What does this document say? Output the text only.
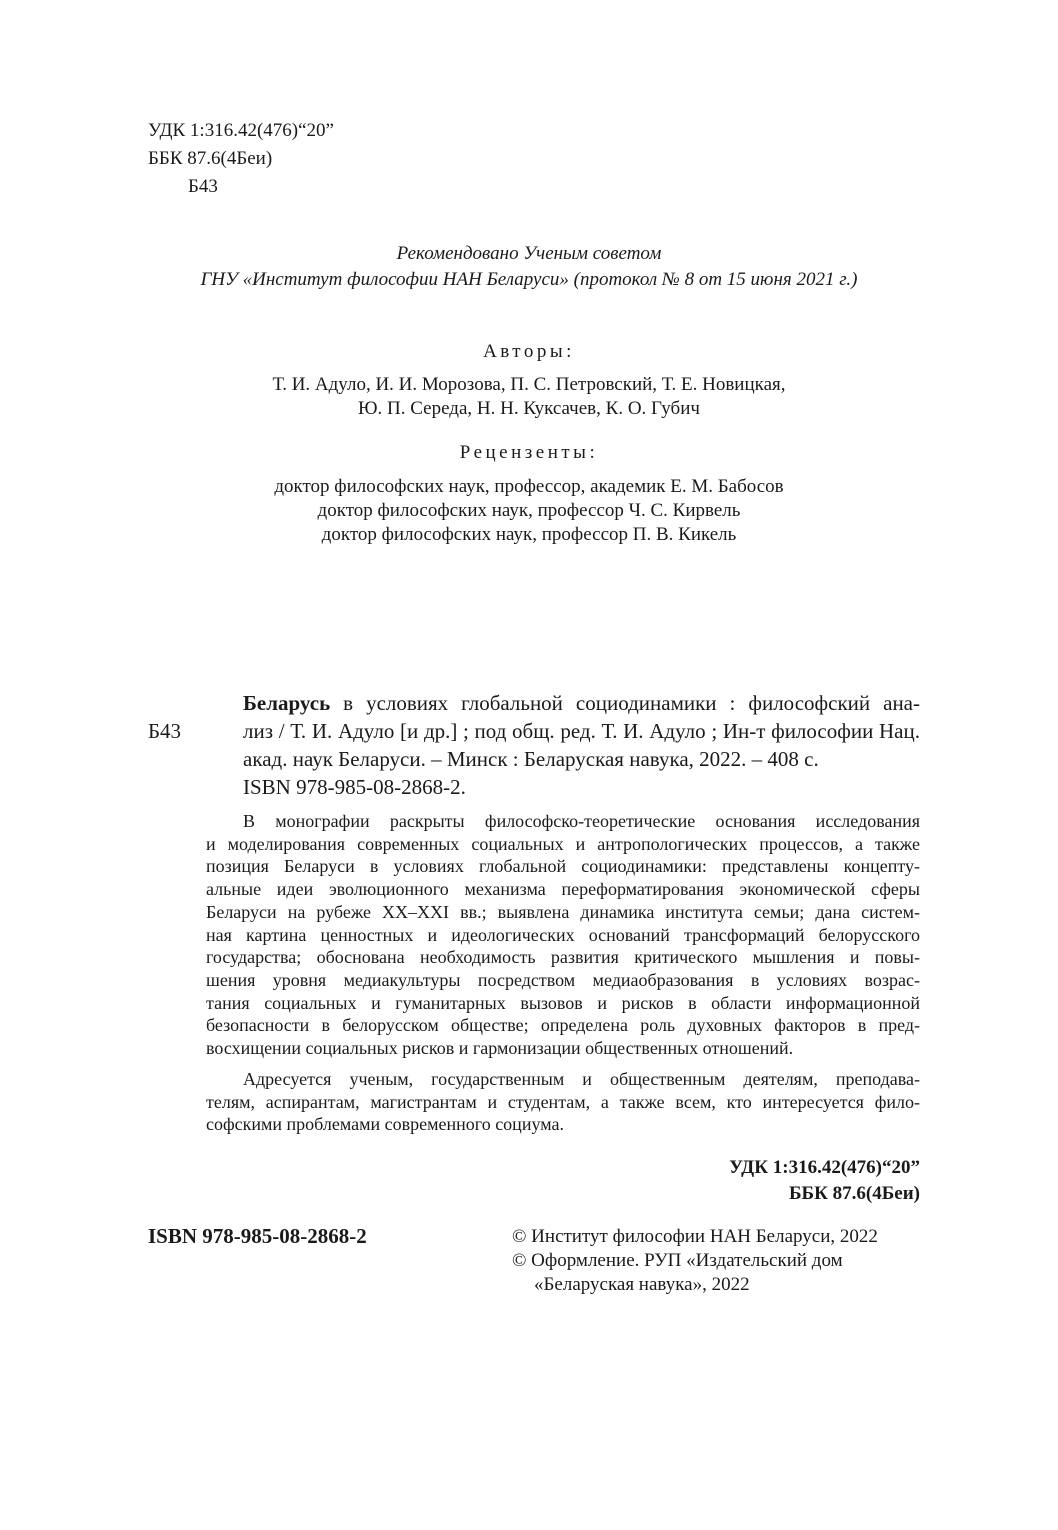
УДК 1:316.42(476)“20”
ББК 87.6(4Беи)
Б43
Рекомендовано Ученым советом
ГНУ «Институт философии НАН Беларуси» (протокол № 8 от 15 июня 2021 г.)
Авторы:
Т. И. Адуло, И. И. Морозова, П. С. Петровский, Т. Е. Новицкая,
Ю. П. Середа, Н. Н. Куксачев, К. О. Губич
Рецензенты:
доктор философских наук, профессор, академик Е. М. Бабосов
доктор философских наук, профессор Ч. С. Кирвель
доктор философских наук, профессор П. В. Кикель
Б43
Беларусь в условиях глобальной социодинамики : философский ана-
лиз / Т. И. Адуло [и др.] ; под общ. ред. Т. И. Адуло ; Ин-т философии Нац.
акад. наук Беларуси. – Минск : Беларуская навука, 2022. – 408 с.
ISBN 978-985-08-2868-2.
В монографии раскрыты философско-теоретические основания исследования
и моделирования современных социальных и антропологических процессов, а также
позиция Беларуси в условиях глобальной социодинамики: представлены концепту-
альные идеи эволюционного механизма переформатирования экономической сферы
Беларуси на рубеже XX–XXI вв.; выявлена динамика института семьи; дана систем-
ная картина ценностных и идеологических оснований трансформаций белорусского
государства; обоснована необходимость развития критического мышления и повы-
шения уровня медиакультуры посредством медиаобразования в условиях возрас-
тания социальных и гуманитарных вызовов и рисков в области информационной
безопасности в белорусском обществе; определена роль духовных факторов в пред-
восхищении социальных рисков и гармонизации общественных отношений.
Адресуется ученым, государственным и общественным деятелям, преподава-
телям, аспирантам, магистрантам и студентам, а также всем, кто интересуется фило-
софскими проблемами современного социума.
УДК 1:316.42(476)“20”
ББК 87.6(4Беи)
ISBN 978-985-08-2868-2	© Институт философии НАН Беларуси, 2022
© Оформление. РУП «Издательский дом
«Беларуская навука», 2022
